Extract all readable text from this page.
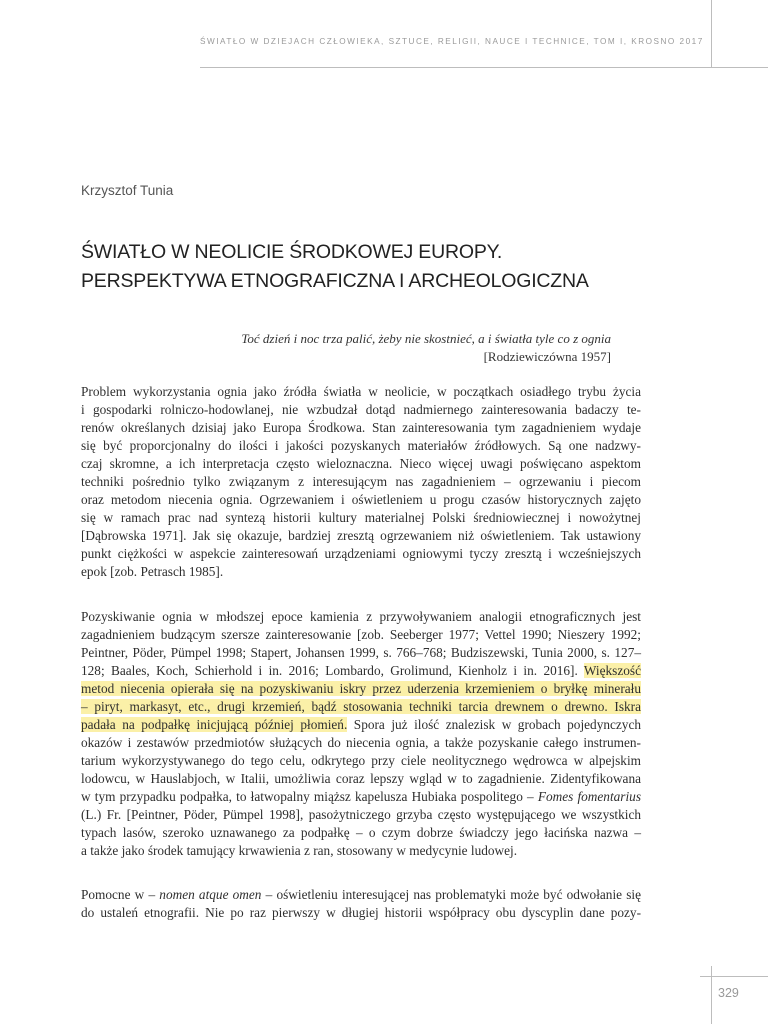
ŚWIATŁO W DZIEJACH CZŁOWIEKA, SZTUCE, RELIGII, NAUCE I TECHNICE, TOM I, KROSNO 2017
Krzysztof Tunia
ŚWIATŁO W NEOLICIE ŚRODKOWEJ EUROPY.
PERSPEKTYWA ETNOGRAFICZNA I ARCHEOLOGICZNA
Toć dzień i noc trza palić, żeby nie skostnieć, a i światła tyle co z ognia
[Rodziewiczówna 1957]
Problem wykorzystania ognia jako źródła światła w neolicie, w początkach osiadłego trybu życia
i gospodarki rolniczo-hodowlanej, nie wzbudzał dotąd nadmiernego zainteresowania badaczy te-
renów określanych dzisiaj jako Europa Środkowa. Stan zainteresowania tym zagadnieniem wydaje
się być proporcjonalny do ilości i jakości pozyskanych materiałów źródłowych. Są one nadzwy-
czaj skromne, a ich interpretacja często wieloznaczna. Nieco więcej uwagi poświęcano aspektom
techniki pośrednio tylko związanym z interesującym nas zagadnieniem – ogrzewaniu i piecom
oraz metodom niecenia ognia. Ogrzewaniem i oświetleniem u progu czasów historycznych zajęto
się w ramach prac nad syntezą historii kultury materialnej Polski średniowiecznej i nowożytnej
[Dąbrowska 1971]. Jak się okazuje, bardziej zresztą ogrzewaniem niż oświetleniem. Tak ustawiony
punkt ciężkości w aspekcie zainteresowań urządzeniami ogniowymi tyczy zresztą i wcześniejszych
epok [zob. Petrasch 1985].
Pozyskiwanie ognia w młodszej epoce kamienia z przywoływaniem analogii etnograficznych jest
zagadnieniem budzącym szersze zainteresowanie [zob. Seeberger 1977; Vettel 1990; Nieszery 1992;
Peintner, Pöder, Pümpel 1998; Stapert, Johansen 1999, s. 766–768; Budziszewski, Tunia 2000, s. 127–
128; Baales, Koch, Schierhold i in. 2016; Lombardo, Grolimund, Kienholz i in. 2016]. Większość
metod niecenia opierała się na pozyskiwaniu iskry przez uderzenia krzemieniem o bryłkę minerału
– piryt, markasyt, etc., drugi krzemień, bądź stosowania techniki tarcia drewnem o drewno. Iskra
padała na podpałkę inicjującą później płomień. Spora już ilość znalezisk w grobach pojedynczych
okazów i zestawów przedmiotów służących do niecenia ognia, a także pozyskanie całego instrumen-
tarium wykorzystywanego do tego celu, odkrytego przy ciele neolitycznego wędrowca w alpejskim
lodowcu, w Hauslabjoch, w Italii, umożliwia coraz lepszy wgląd w to zagadnienie. Zidentyfikowana
w tym przypadku podpałka, to łatwopalny miąższ kapelusza Hubiaka pospolitego – Fomes fomentarius
(L.) Fr. [Peintner, Pöder, Pümpel 1998], pasożytniczego grzyba często występującego we wszystkich
typach lasów, szeroko uznawanego za podpałkę – o czym dobrze świadczy jego łacińska nazwa –
a także jako środek tamujący krwawienia z ran, stosowany w medycynie ludowej.
Pomocne w – nomen atque omen – oświetleniu interesującej nas problematyki może być odwołanie się
do ustaleń etnografii. Nie po raz pierwszy w długiej historii współpracy obu dyscyplin dane pozy-
329
